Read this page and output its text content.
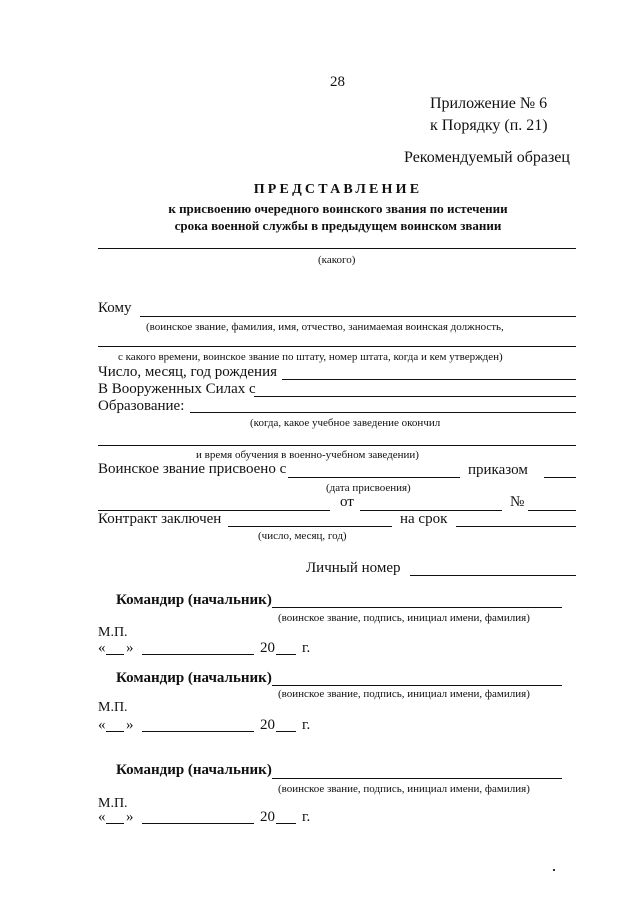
28
Приложение № 6
к Порядку (п. 21)
Рекомендуемый образец
ПРЕДСТАВЛЕНИЕ
к присвоению очередного воинского звания по истечении
срока военной службы в предыдущем воинском звании
(какого)
Кому
(воинское звание, фамилия, имя, отчество, занимаемая воинская должность,
с какого времени, воинское звание по штату, номер штата, когда и кем утвержден)
Число, месяц, год рождения
В Вооруженных Силах с
Образование:
(когда, какое учебное заведение окончил
и время обучения в военно-учебном заведении)
Воинское звание присвоено с	приказом
(дата присвоения)
от	№
Контракт заключен	на срок
(число, месяц, год)
Личный номер
Командир (начальник)
(воинское звание, подпись, инициал имени, фамилия)
М.П.
« »	20 г.
Командир (начальник)
(воинское звание, подпись, инициал имени, фамилия)
М.П.
« »	20 г.
Командир (начальник)
(воинское звание, подпись, инициал имени, фамилия)
М.П.
« »	20 г.
